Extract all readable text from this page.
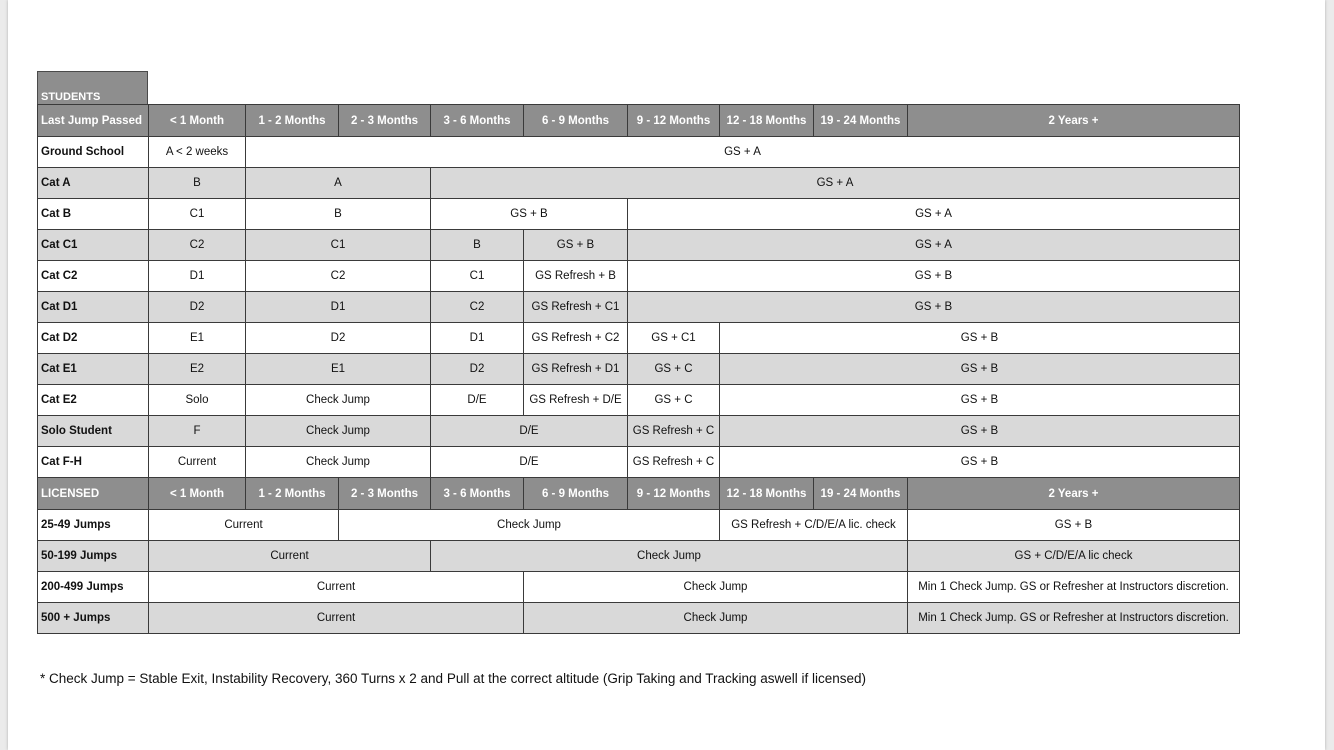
STUDENTS
Last Jump Passed	< 1 Month	1 - 2 Months	2 - 3 Months	3 - 6 Months	6 - 9 Months	9 - 12 Months	12 - 18 Months	19 - 24 Months	2 Years +
Ground School	A < 2 weeks	GS + A							
Cat A	B	A		GS + A					
Cat B	C1	B		GS + B		GS + A			
Cat C1	C2	C1		B	GS + B	GS + A			
Cat C2	D1	C2		C1	GS Refresh + B	GS + B			
Cat D1	D2	D1		C2	GS Refresh + C1	GS + B			
Cat D2	E1	D2		D1	GS Refresh + C2	GS + C1	GS + B		
Cat E1	E2	E1		D2	GS Refresh + D1	GS + C	GS + B		
Cat E2	Solo	Check Jump		D/E	GS Refresh + D/E	GS + C	GS + B		
Solo Student	F	Check Jump		D/E		GS Refresh + C	GS + B		
Cat F-H	Current	Check Jump		D/E		GS Refresh + C	GS + B		
LICENSED	< 1 Month	1 - 2 Months	2 - 3 Months	3 - 6 Months	6 - 9 Months	9 - 12 Months	12 - 18 Months	19 - 24 Months	2 Years +
25-49 Jumps	Current		Check Jump				GS Refresh + C/D/E/A lic. check		GS + B
50-199 Jumps	Current			Check Jump					GS + C/D/E/A lic check
200-499 Jumps	Current				Check Jump				Min 1 Check Jump. GS or Refresher at Instructors discretion.
500 + Jumps	Current				Check Jump				Min 1 Check Jump. GS or Refresher at Instructors discretion.
* Check Jump = Stable Exit, Instability Recovery, 360 Turns x 2 and Pull at the correct altitude (Grip Taking and Tracking aswell if licensed)
